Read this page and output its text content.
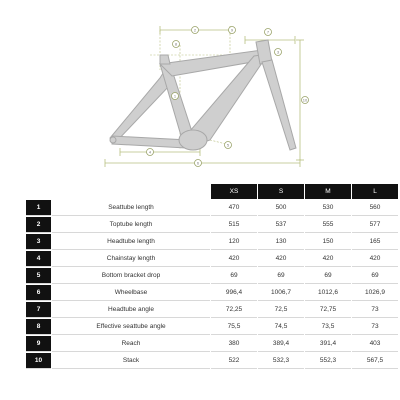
1
2
3
4
5
6
7
8
9
10
		XS	S	M	L
1	Seattube length	470	500	530	560
2	Toptube length	515	537	555	577
3	Headtube length	120	130	150	165
4	Chainstay length	420	420	420	420
5	Bottom bracket drop	69	69	69	69
6	Wheelbase	996,4	1006,7	1012,6	1026,9
7	Headtube angle	72,25	72,5	72,75	73
8	Effective seattube angle	75,5	74,5	73,5	73
9	Reach	380	389,4	391,4	403
10	Stack	522	532,3	552,3	567,5
